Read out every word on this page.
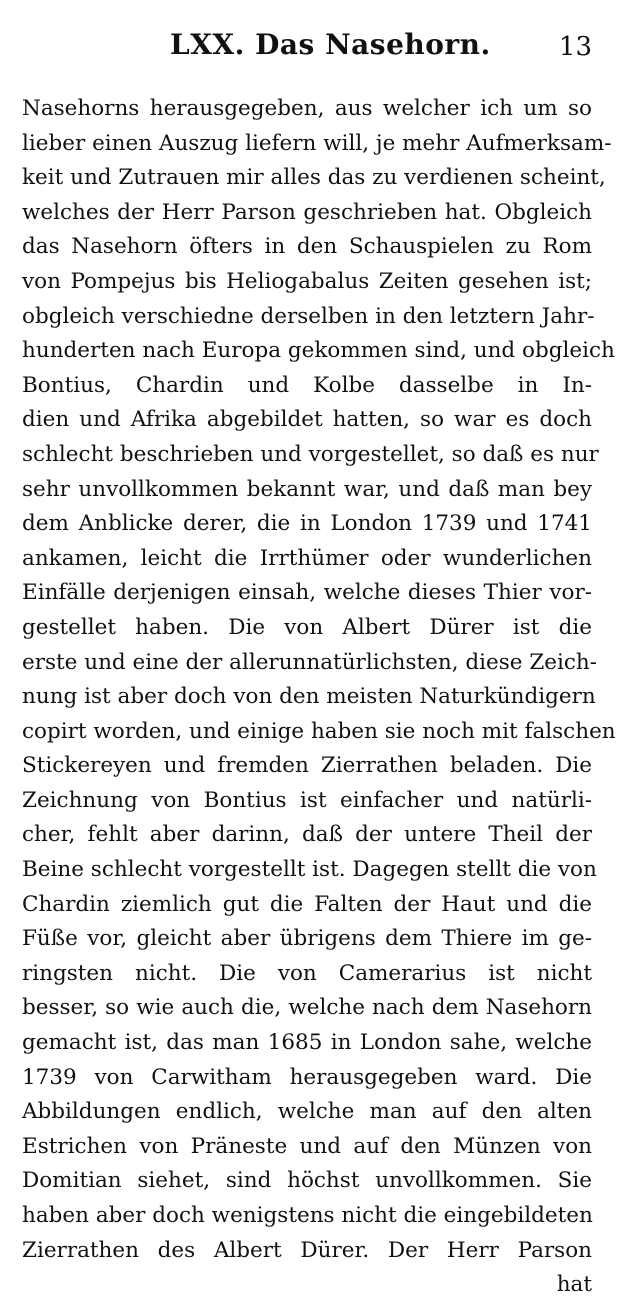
LXX. Das Nasehorn.	13
Nasehorns herausgegeben, aus welcher ich um so
lieber einen Auszug liefern will, je mehr Aufmerksam-
keit und Zutrauen mir alles das zu verdienen scheint,
welches der Herr Parson geschrieben hat. Obgleich
das Nasehorn öfters in den Schauspielen zu Rom
von Pompejus bis Heliogabalus Zeiten gesehen ist;
obgleich verschiedne derselben in den letztern Jahr-
hunderten nach Europa gekommen sind, und obgleich
Bontius, Chardin und Kolbe dasselbe in In-
dien und Afrika abgebildet hatten, so war es doch
schlecht beschrieben und vorgestellet, so daß es nur
sehr unvollkommen bekannt war, und daß man bey
dem Anblicke derer, die in London 1739 und 1741
ankamen, leicht die Irrthümer oder wunderlichen
Einfälle derjenigen einsah, welche dieses Thier vor-
gestellet haben. Die von Albert Dürer ist die
erste und eine der allerunnatürlichsten, diese Zeich-
nung ist aber doch von den meisten Naturkündigern
copirt worden, und einige haben sie noch mit falschen
Stickereyen und fremden Zierrathen beladen. Die
Zeichnung von Bontius ist einfacher und natürli-
cher, fehlt aber darinn, daß der untere Theil der
Beine schlecht vorgestellt ist. Dagegen stellt die von
Chardin ziemlich gut die Falten der Haut und die
Füße vor, gleicht aber übrigens dem Thiere im ge-
ringsten nicht. Die von Camerarius ist nicht
besser, so wie auch die, welche nach dem Nasehorn
gemacht ist, das man 1685 in London sahe, welche
1739 von Carwitham herausgegeben ward. Die
Abbildungen endlich, welche man auf den alten
Estrichen von Präneste und auf den Münzen von
Domitian siehet, sind höchst unvollkommen. Sie
haben aber doch wenigstens nicht die eingebildeten
Zierrathen des Albert Dürer. Der Herr Parson
hat
